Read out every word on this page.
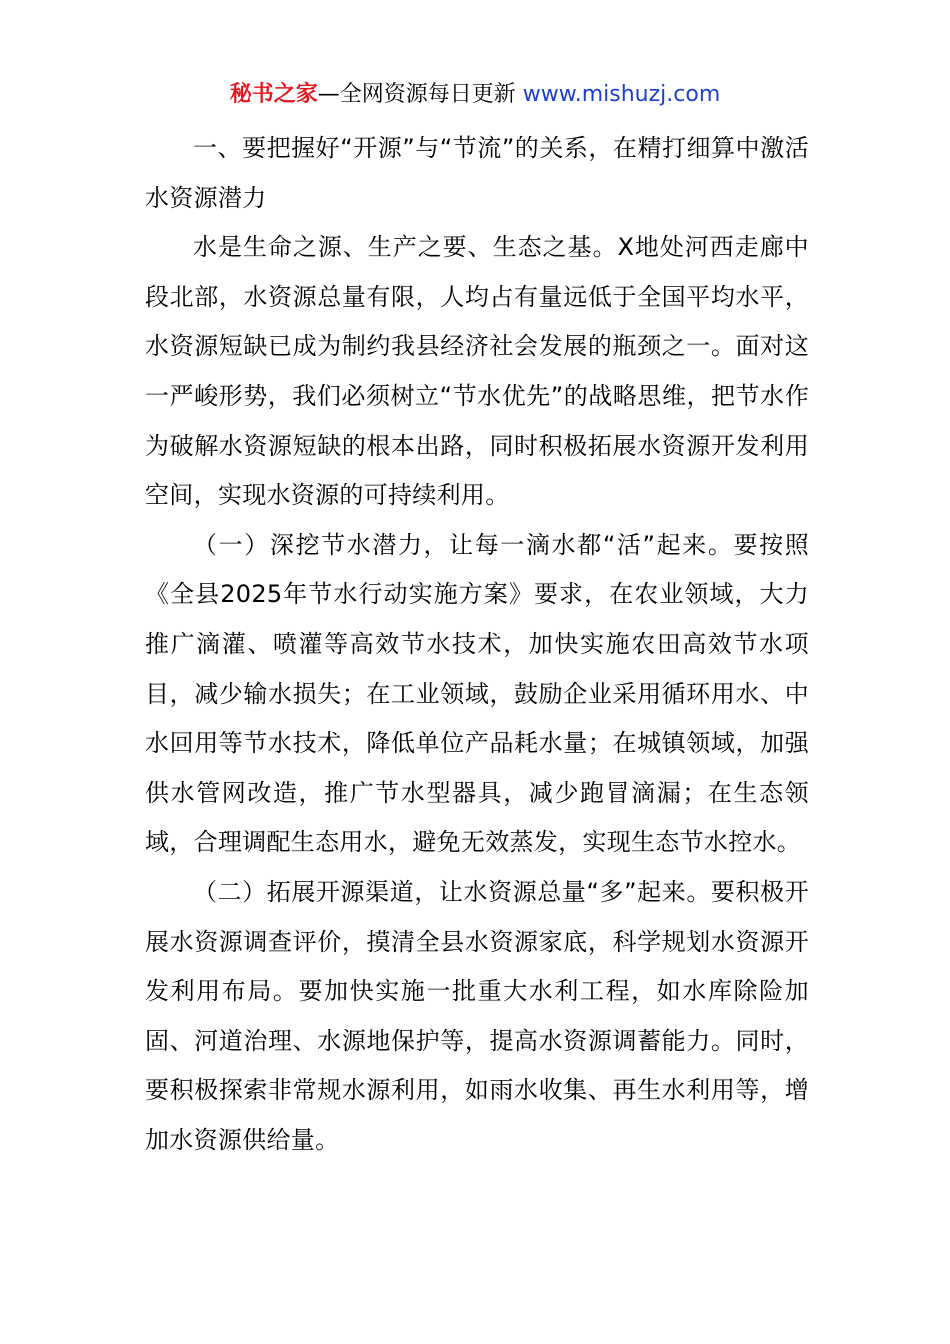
秘书之家—全网资源每日更新 www.mishuzj.com

一、要把握好“开源”与“节流”的关系，在精打细算中激活水资源潜力

水是生命之源、生产之要、生态之基。X地处河西走廊中段北部，水资源总量有限，人均占有量远低于全国平均水平，水资源短缺已成为制约我县经济社会发展的瓶颈之一。面对这一严峻形势，我们必须树立“节水优先”的战略思维，把节水作为破解水资源短缺的根本出路，同时积极拓展水资源开发利用空间，实现水资源的可持续利用。

（一）深挖节水潜力，让每一滴水都“活”起来。要按照《全县2025年节水行动实施方案》要求，在农业领域，大力推广滴灌、喷灌等高效节水技术，加快实施农田高效节水项目，减少输水损失；在工业领域，鼓励企业采用循环用水、中水回用等节水技术，降低单位产品耗水量；在城镇领域，加强供水管网改造，推广节水型器具，减少跑冒滴漏；在生态领域，合理调配生态用水，避免无效蒸发，实现生态节水控水。

（二）拓展开源渠道，让水资源总量“多”起来。要积极开展水资源调查评价，摸清全县水资源家底，科学规划水资源开发利用布局。要加快实施一批重大水利工程，如水库除险加固、河道治理、水源地保护等，提高水资源调蓄能力。同时，要积极探索非常规水源利用，如雨水收集、再生水利用等，增加水资源供给量。
